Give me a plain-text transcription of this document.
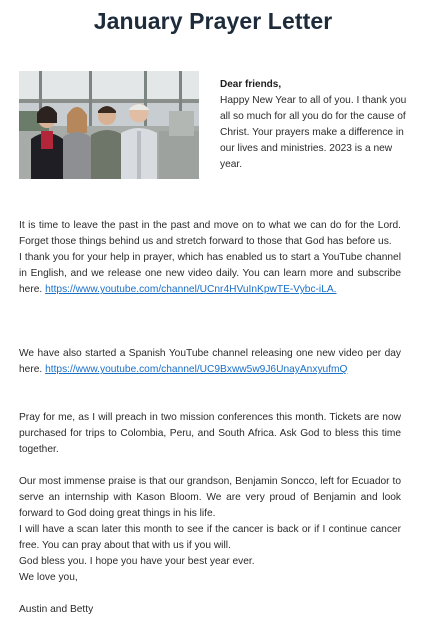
January Prayer Letter

Dear friends,

Happy New Year to all of you. I thank you all so much for all you do for the cause of Christ. Your prayers make a difference in our lives and ministries. 2023 is a new year.

It is time to leave the past in the past and move on to what we can do for the Lord. Forget those things behind us and stretch forward to those that God has before us.

I thank you for your help in prayer, which has enabled us to start a YouTube channel in English, and we release one new video daily. You can learn more and subscribe here. https://www.youtube.com/channel/UCnr4HVuInKpwTE-Vybc-iLA.

We have also started a Spanish YouTube channel releasing one new video per day here. https://www.youtube.com/channel/UC9Bxww5w9J6UnayAnxyufmQ

Pray for me, as I will preach in two mission conferences this month. Tickets are now purchased for trips to Colombia, Peru, and South Africa. Ask God to bless this time together.

Our most immense praise is that our grandson, Benjamin Soncco, left for Ecuador to serve an internship with Kason Bloom. We are very proud of Benjamin and look forward to God doing great things in his life.

I will have a scan later this month to see if the cancer is back or if I continue cancer free. You can pray about that with us if you will.

God bless you. I hope you have your best year ever.

We love you,

Austin and Betty
